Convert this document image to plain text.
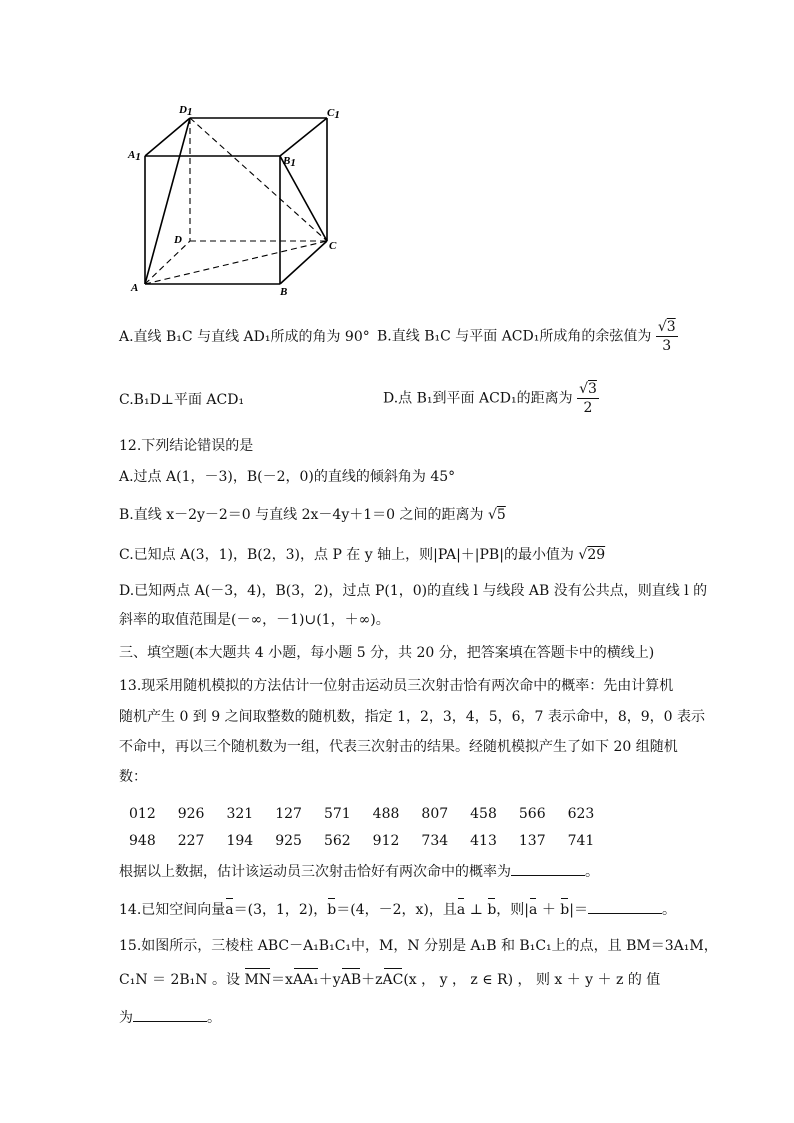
D1	C1
A1	B1
D	C
A	B
A.直线 B₁C 与直线 AD₁所成的角为 90° B.直线 B₁C 与平面 ACD₁所成角的余弦值为 $\frac{√3}{3}$
C.B₁D⊥平面 ACD₁	D.点 B₁到平面 ACD₁的距离为 $\frac{√3}{2}$
12.下列结论错误的是
A.过点 A(1，－3)，B(－2，0)的直线的倾斜角为 45°
B.直线 x－2y－2＝0 与直线 2x－4y＋1＝0 之间的距离为 √5
C.已知点 A(3，1)，B(2，3)，点 P 在 y 轴上，则|PA|＋|PB|的最小值为 √29
D.已知两点 A(－3，4)，B(3，2)，过点 P(1，0)的直线 l 与线段 AB 没有公共点，则直线 l 的
斜率的取值范围是(－∞，－1)∪(1，＋∞)。
三、填空题(本大题共 4 小题，每小题 5 分，共 20 分，把答案填在答题卡中的横线上)
13.现采用随机模拟的方法估计一位射击运动员三次射击恰有两次命中的概率：先由计算机
随机产生 0 到 9 之间取整数的随机数，指定 1，2，3，4，5，6，7 表示命中，8，9，0 表示
不命中，再以三个随机数为一组，代表三次射击的结果。经随机模拟产生了如下 20 组随机
数：
012	926	321	127	571	488	807	458	566	623
948	227	194	925	562	912	734	413	137	741
根据以上数据，估计该运动员三次射击恰好有两次命中的概率为	。
14.已知空间向量a＝(3，1，2)，b＝(4，－2，x)，且a ⊥ b，则|a ＋ b|＝	。
15.如图所示，三棱柱 ABC－A₁B₁C₁中，M，N 分别是 A₁B 和 B₁C₁上的点，且 BM＝3A₁M，
C₁N ＝ 2B₁N 。设 MN＝xAA₁＋yAB＋zAC(x ， y ， z ∈ R) ， 则 x ＋ y ＋ z 的 值
为	。
